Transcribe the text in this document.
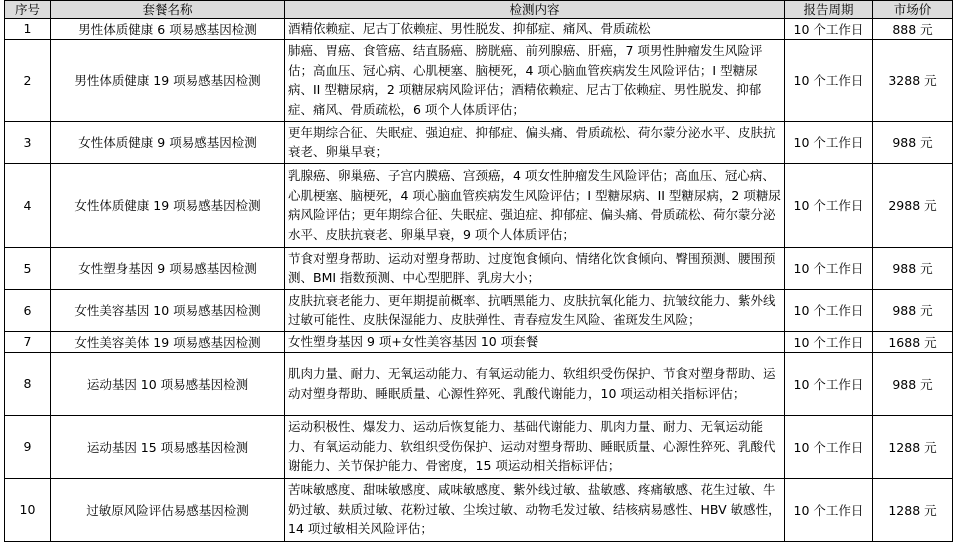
序号	套餐名称	检测内容	报告周期	市场价
1	男性体质健康 6 项易感基因检测	酒精依赖症、尼古丁依赖症、男性脱发、抑郁症、痛风、骨质疏松	10 个工作日	888 元
2	男性体质健康 19 项易感基因检测	肺癌、胃癌、食管癌、结直肠癌、膀胱癌、前列腺癌、肝癌，7 项男性肿瘤发生风险评估；高血压、冠心病、心肌梗塞、脑梗死，4 项心脑血管疾病发生风险评估；I 型糖尿病、II 型糖尿病，2 项糖尿病风险评估；酒精依赖症、尼古丁依赖症、男性脱发、抑郁症、痛风、骨质疏松，6 项个人体质评估；	10 个工作日	3288 元
3	女性体质健康 9 项易感基因检测	更年期综合征、失眠症、强迫症、抑郁症、偏头痛、骨质疏松、荷尔蒙分泌水平、皮肤抗衰老、卵巢早衰；	10 个工作日	988 元
4	女性体质健康 19 项易感基因检测	乳腺癌、卵巢癌、子宫内膜癌、宫颈癌，4 项女性肿瘤发生风险评估；高血压、冠心病、心肌梗塞、脑梗死，4 项心脑血管疾病发生风险评估；I 型糖尿病、II 型糖尿病，2 项糖尿病风险评估；更年期综合征、失眠症、强迫症、抑郁症、偏头痛、骨质疏松、荷尔蒙分泌水平、皮肤抗衰老、卵巢早衰，9 项个人体质评估；	10 个工作日	2988 元
5	女性塑身基因 9 项易感基因检测	节食对塑身帮助、运动对塑身帮助、过度饱食倾向、情绪化饮食倾向、臀围预测、腰围预测、BMI 指数预测、中心型肥胖、乳房大小；	10 个工作日	988 元
6	女性美容基因 10 项易感基因检测	皮肤抗衰老能力、更年期提前概率、抗晒黑能力、皮肤抗氧化能力、抗皱纹能力、紫外线过敏可能性、皮肤保湿能力、皮肤弹性、青春痘发生风险、雀斑发生风险；	10 个工作日	988 元
7	女性美容美体 19 项易感基因检测	女性塑身基因 9 项+女性美容基因 10 项套餐	10 个工作日	1688 元
8	运动基因 10 项易感基因检测	肌肉力量、耐力、无氧运动能力、有氧运动能力、软组织受伤保护、节食对塑身帮助、运动对塑身帮助、睡眠质量、心源性猝死、乳酸代谢能力，10 项运动相关指标评估；	10 个工作日	988 元
9	运动基因 15 项易感基因检测	运动积极性、爆发力、运动后恢复能力、基础代谢能力、肌肉力量、耐力、无氧运动能力、有氧运动能力、软组织受伤保护、运动对塑身帮助、睡眠质量、心源性猝死、乳酸代谢能力、关节保护能力、骨密度，15 项运动相关指标评估；	10 个工作日	1288 元
10	过敏原风险评估易感基因检测	苦味敏感度、甜味敏感度、咸味敏感度、紫外线过敏、盐敏感、疼痛敏感、花生过敏、牛奶过敏、麸质过敏、花粉过敏、尘埃过敏、动物毛发过敏、结核病易感性、HBV 敏感性，14 项过敏相关风险评估；	10 个工作日	1288 元
